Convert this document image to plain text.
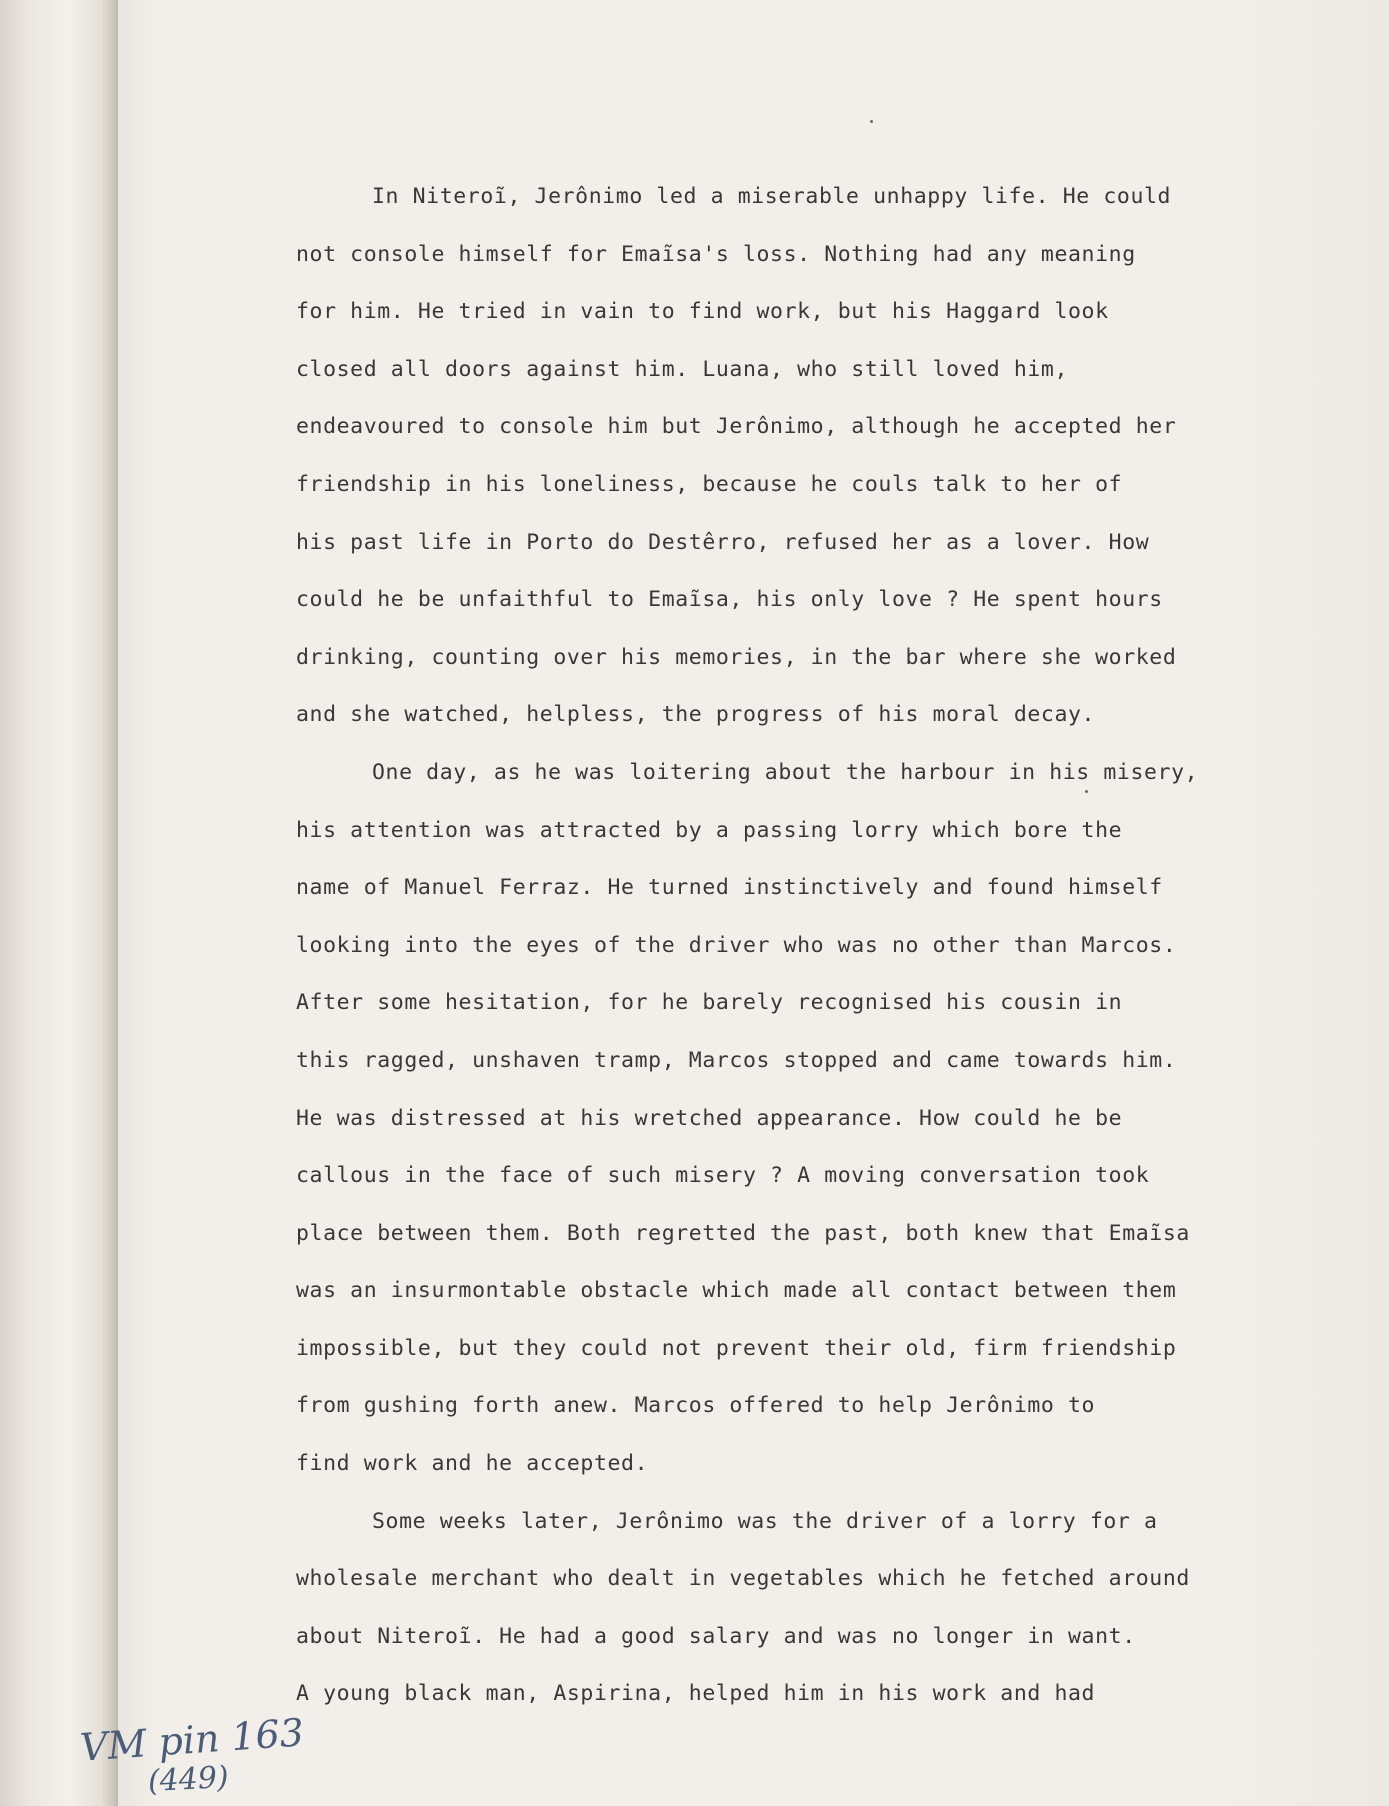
In Niteroĩ, Jerônimo led a miserable unhappy life. He could
not console himself for Emaĩsa's loss. Nothing had any meaning
for him. He tried in vain to find work, but his Haggard look
closed all doors against him. Luana, who still loved him,
endeavoured to console him but Jerônimo, although he accepted her
friendship in his loneliness, because he couls talk to her of
his past life in Porto do Destêrro, refused her as a lover. How
could he be unfaithful to Emaĩsa, his only love ? He spent hours
drinking, counting over his memories, in the bar where she worked
and she watched, helpless, the progress of his moral decay.
One day, as he was loitering about the harbour in his misery,
his attention was attracted by a passing lorry which bore the
name of Manuel Ferraz. He turned instinctively and found himself
looking into the eyes of the driver who was no other than Marcos.
After some hesitation, for he barely recognised his cousin in
this ragged, unshaven tramp, Marcos stopped and came towards him.
He was distressed at his wretched appearance. How could he be
callous in the face of such misery ? A moving conversation took
place between them. Both regretted the past, both knew that Emaĩsa
was an insurmontable obstacle which made all contact between them
impossible, but they could not prevent their old, firm friendship
from gushing forth anew. Marcos offered to help Jerônimo to
find work and he accepted.
Some weeks later, Jerônimo was the driver of a lorry for a
wholesale merchant who dealt in vegetables which he fetched around
about Niteroĩ. He had a good salary and was no longer in want.
A young black man, Aspirina, helped him in his work and had
VM pin 163
(449)
